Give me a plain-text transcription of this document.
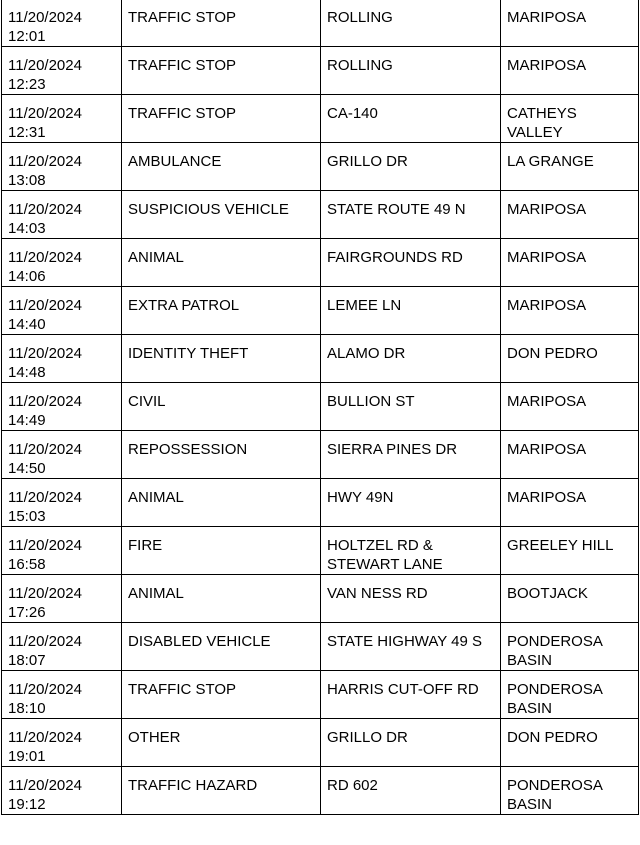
11/20/2024
12:01	TRAFFIC STOP	ROLLING	MARIPOSA
11/20/2024
12:23	TRAFFIC STOP	ROLLING	MARIPOSA
11/20/2024
12:31	TRAFFIC STOP	CA-140	CATHEYS
VALLEY
11/20/2024
13:08	AMBULANCE	GRILLO DR	LA GRANGE
11/20/2024
14:03	SUSPICIOUS VEHICLE	STATE ROUTE 49 N	MARIPOSA
11/20/2024
14:06	ANIMAL	FAIRGROUNDS RD	MARIPOSA
11/20/2024
14:40	EXTRA PATROL	LEMEE LN	MARIPOSA
11/20/2024
14:48	IDENTITY THEFT	ALAMO DR	DON PEDRO
11/20/2024
14:49	CIVIL	BULLION ST	MARIPOSA
11/20/2024
14:50	REPOSSESSION	SIERRA PINES DR	MARIPOSA
11/20/2024
15:03	ANIMAL	HWY 49N	MARIPOSA
11/20/2024
16:58	FIRE	HOLTZEL RD &
STEWART LANE	GREELEY HILL
11/20/2024
17:26	ANIMAL	VAN NESS RD	BOOTJACK
11/20/2024
18:07	DISABLED VEHICLE	STATE HIGHWAY 49 S	PONDEROSA
BASIN
11/20/2024
18:10	TRAFFIC STOP	HARRIS CUT-OFF RD	PONDEROSA
BASIN
11/20/2024
19:01	OTHER	GRILLO DR	DON PEDRO
11/20/2024
19:12	TRAFFIC HAZARD	RD 602	PONDEROSA
BASIN
